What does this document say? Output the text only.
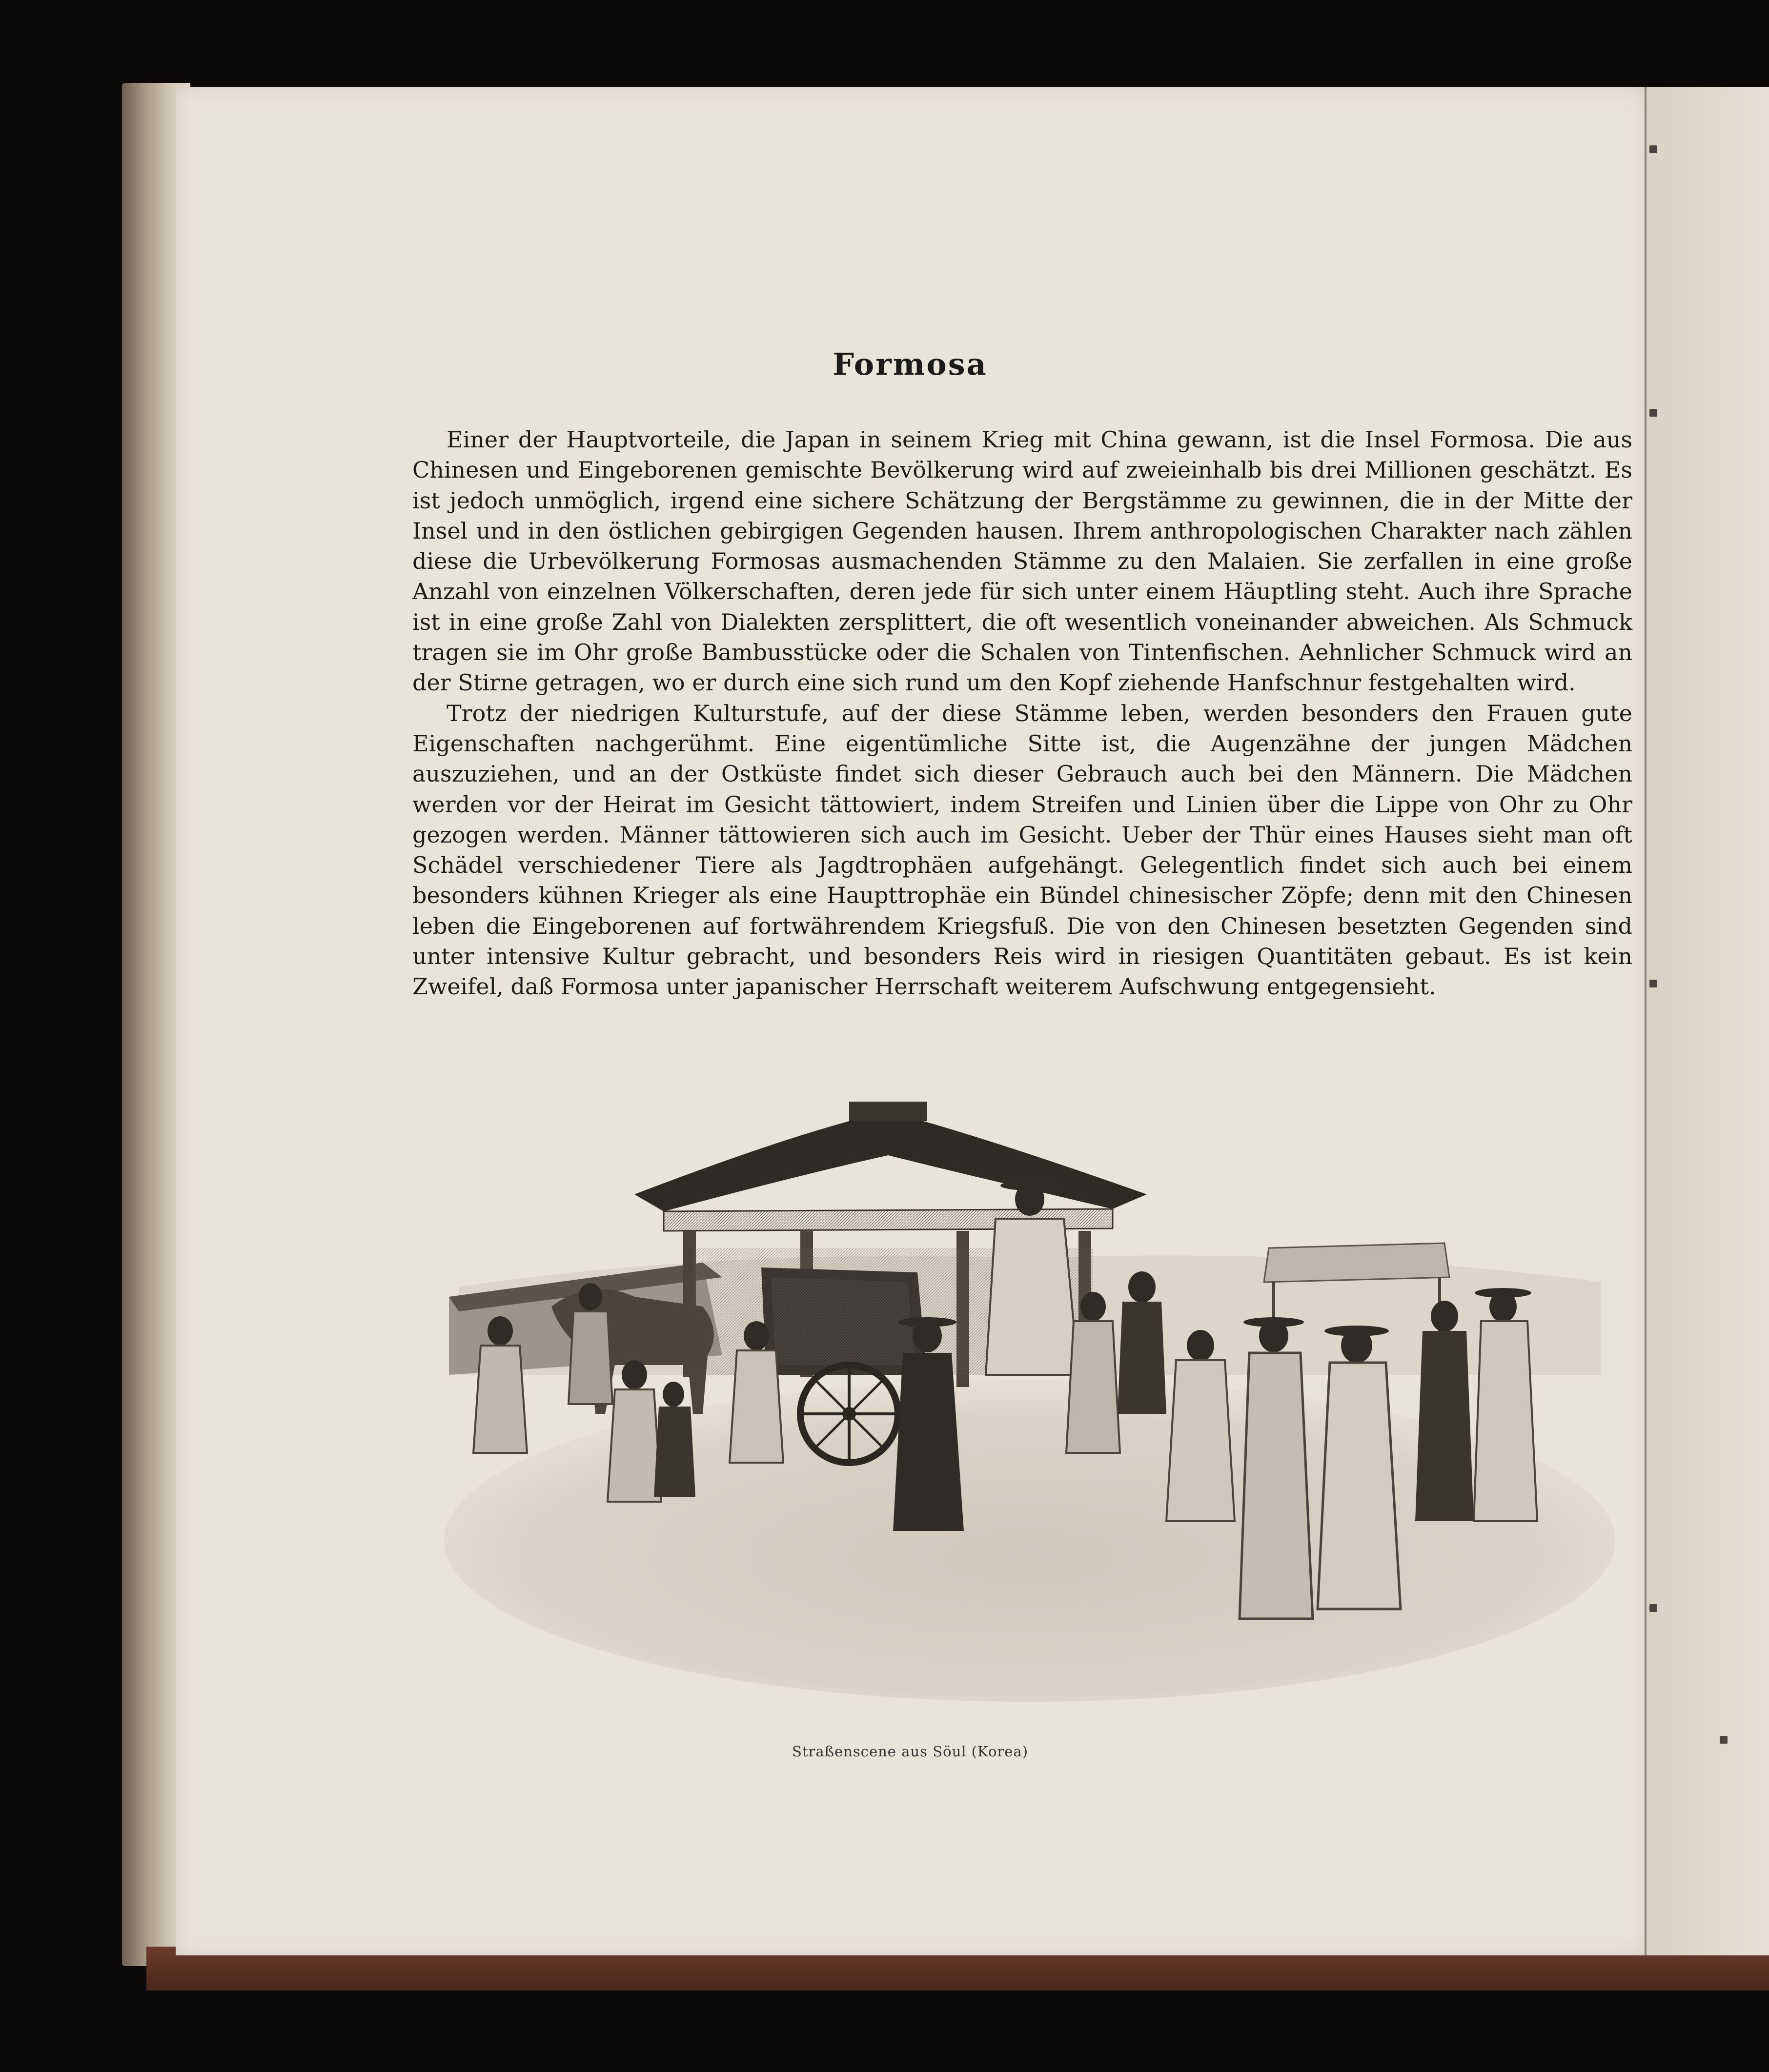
Formosa

Einer der Hauptvorteile, die Japan in seinem Krieg mit China gewann, ist die Insel Formosa. Die aus Chinesen und Eingeborenen gemischte Bevölkerung wird auf zweieinhalb bis drei Millionen geschätzt. Es ist jedoch unmöglich, irgend eine sichere Schätzung der Bergstämme zu gewinnen, die in der Mitte der Insel und in den östlichen gebirgigen Gegenden hausen. Ihrem anthropologischen Charakter nach zählen diese die Urbevölkerung Formosas ausmachenden Stämme zu den Malaien. Sie zerfallen in eine große Anzahl von einzelnen Völkerschaften, deren jede für sich unter einem Häuptling steht. Auch ihre Sprache ist in eine große Zahl von Dialekten zersplittert, die oft wesentlich voneinander abweichen. Als Schmuck tragen sie im Ohr große Bambusstücke oder die Schalen von Tintenfischen. Aehnlicher Schmuck wird an der Stirne getragen, wo er durch eine sich rund um den Kopf ziehende Hanfschnur festgehalten wird.

Trotz der niedrigen Kulturstufe, auf der diese Stämme leben, werden besonders den Frauen gute Eigenschaften nachgerühmt. Eine eigentümliche Sitte ist, die Augenzähne der jungen Mädchen auszuziehen, und an der Ostküste findet sich dieser Gebrauch auch bei den Männern. Die Mädchen werden vor der Heirat im Gesicht tättowiert, indem Streifen und Linien über die Lippe von Ohr zu Ohr gezogen werden. Männer tättowieren sich auch im Gesicht. Ueber der Thür eines Hauses sieht man oft Schädel verschiedener Tiere als Jagdtrophäen aufgehängt. Gelegentlich findet sich auch bei einem besonders kühnen Krieger als eine Haupttrophäe ein Bündel chinesischer Zöpfe; denn mit den Chinesen leben die Eingeborenen auf fortwährendem Kriegsfuß. Die von den Chinesen besetzten Gegenden sind unter intensive Kultur gebracht, und besonders Reis wird in riesigen Quantitäten gebaut. Es ist kein Zweifel, daß Formosa unter japanischer Herrschaft weiterem Aufschwung entgegensieht.

Straßenscene aus Söul (Korea)
